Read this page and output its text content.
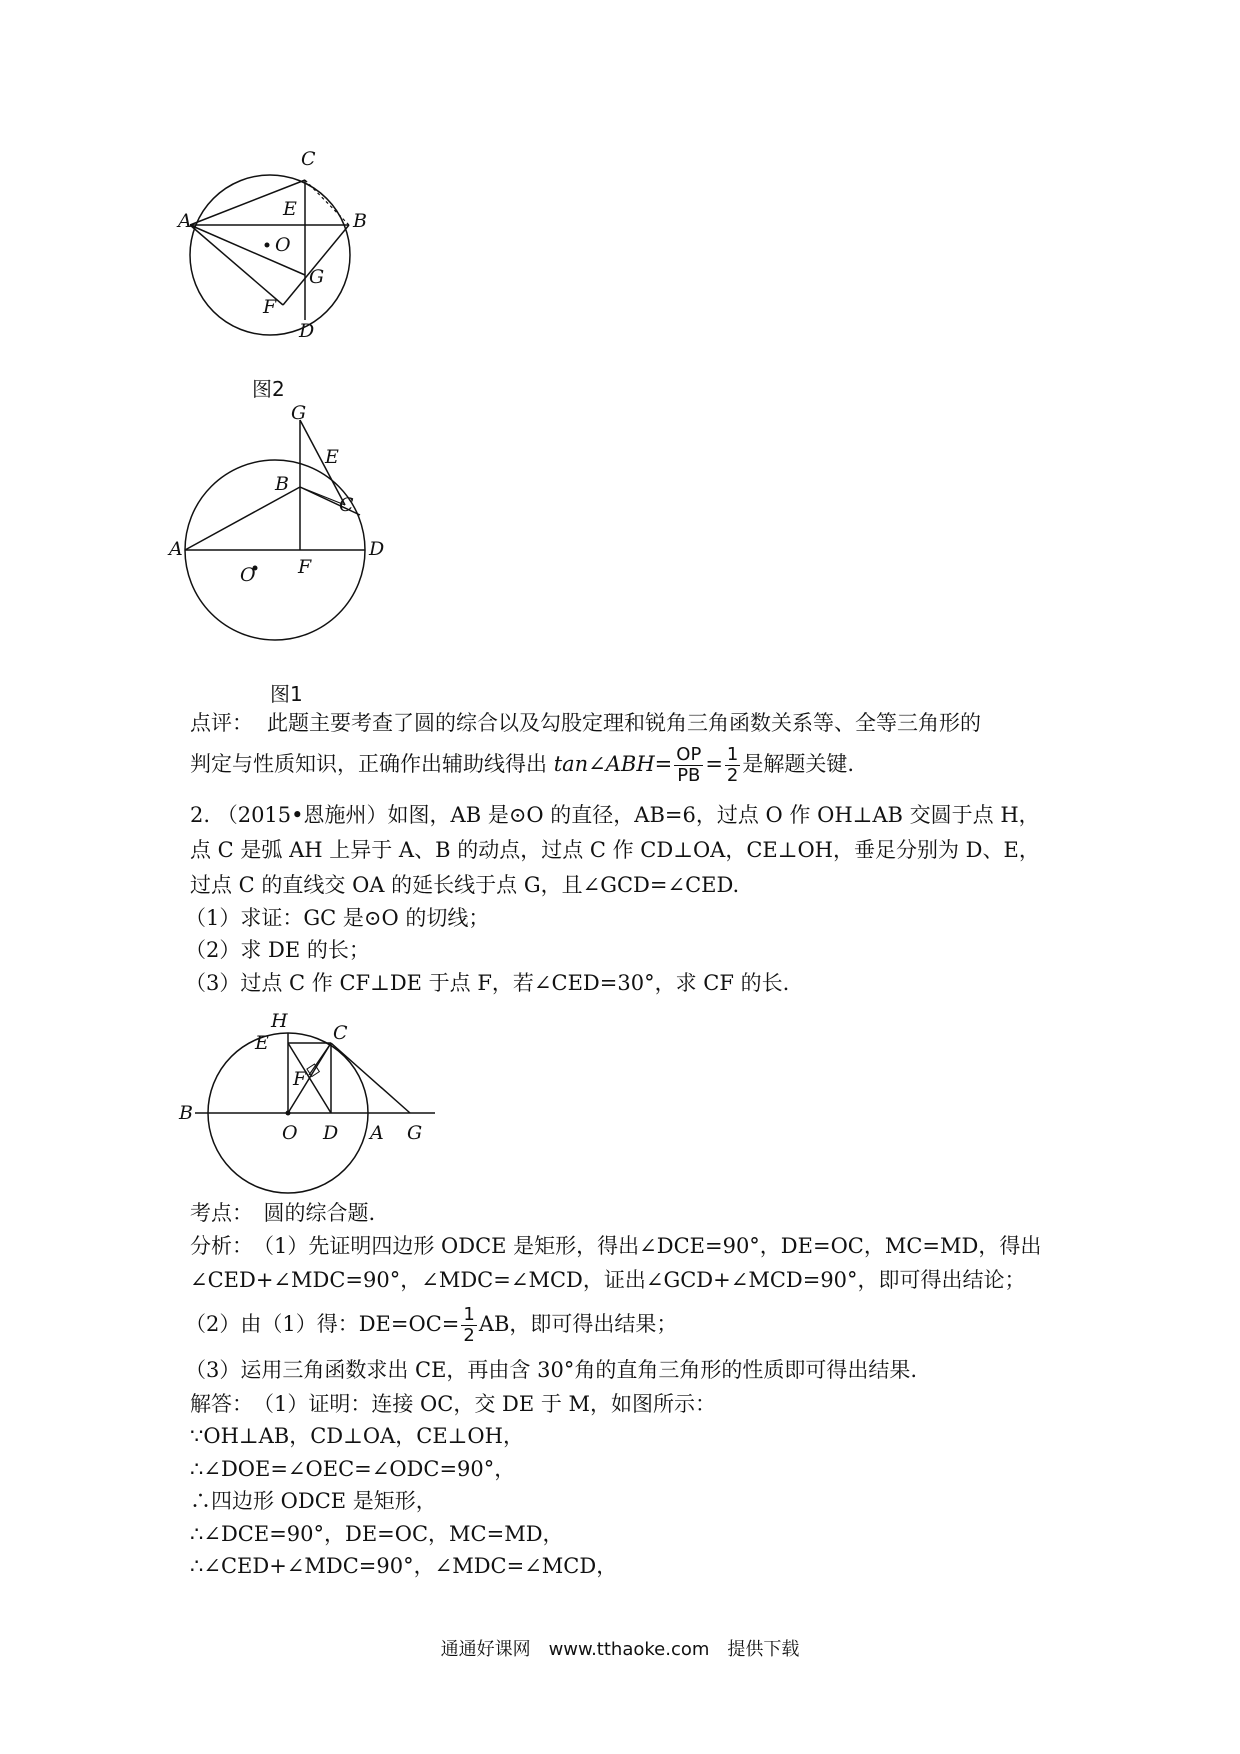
A
C
B
E
O
G
F
D
图2
G
E
B
C
A	D
F
O
图1
点评： 此题主要考查了圆的综合以及勾股定理和锐角三角函数关系等、全等三角形的
判定与性质知识，正确作出辅助线得出 tan∠ABH= $\frac{OP}{PB} = \frac{1}{2}$ 是解题关键.
2. （2015•恩施州）如图，AB 是⊙O 的直径，AB=6，过点 O 作 OH⊥AB 交圆于点 H，
点 C 是弧 AH 上异于 A、B 的动点，过点 C 作 CD⊥OA，CE⊥OH，垂足分别为 D、E，
过点 C 的直线交 OA 的延长线于点 G，且∠GCD=∠CED.
（1）求证：GC 是⊙O 的切线；
（2）求 DE 的长；
（3）过点 C 作 CF⊥DE 于点 F，若∠CED=30°，求 CF 的长.
H
E	C
F
B
O D A G
考点：　圆的综合题.
分析：　（1）先证明四边形 ODCE 是矩形，得出∠DCE=90°，DE=OC，MC=MD，得出
∠CED+∠MDC=90°，∠MDC=∠MCD，证出∠GCD+∠MCD=90°，即可得出结论；
（2）由（1）得：$DE=OC= \frac{1}{2}$ AB，即可得出结果；
（3）运用三角函数求出 CE，再由含 30°角的直角三角形的性质即可得出结果.
解答：　（1）证明：连接 OC，交 DE 于 M，如图所示：
∵OH⊥AB，CD⊥OA，CE⊥OH，
∴∠DOE=∠OEC=∠ODC=90°，
∴四边形 ODCE 是矩形，
∴∠DCE=90°，DE=OC，MC=MD，
∴∠CED+∠MDC=90°，∠MDC=∠MCD，
通通好课网　www.tthaoke.com　提供下载
